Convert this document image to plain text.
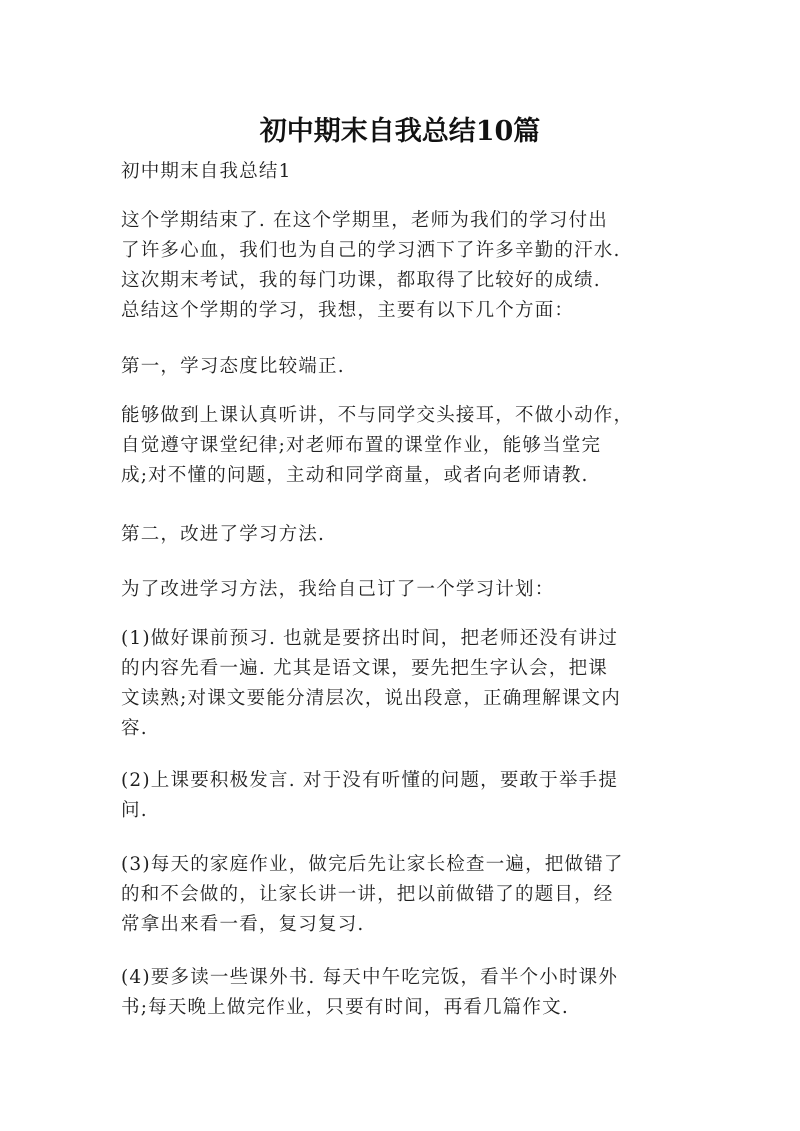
初中期末自我总结10篇

初中期末自我总结1

这个学期结束了. 在这个学期里，老师为我们的学习付出
了许多心血，我们也为自己的学习洒下了许多辛勤的汗水.
这次期末考试，我的每门功课，都取得了比较好的成绩.
总结这个学期的学习，我想，主要有以下几个方面：

第一，学习态度比较端正.

能够做到上课认真听讲，不与同学交头接耳，不做小动作，
自觉遵守课堂纪律;对老师布置的课堂作业，能够当堂完
成;对不懂的问题，主动和同学商量，或者向老师请教.

第二，改进了学习方法.

为了改进学习方法，我给自己订了一个学习计划：

(1)做好课前预习. 也就是要挤出时间，把老师还没有讲过
的内容先看一遍. 尤其是语文课，要先把生字认会，把课
文读熟;对课文要能分清层次，说出段意，正确理解课文内
容.

(2)上课要积极发言. 对于没有听懂的问题，要敢于举手提
问.

(3)每天的家庭作业，做完后先让家长检查一遍，把做错了
的和不会做的，让家长讲一讲，把以前做错了的题目，经
常拿出来看一看，复习复习.

(4)要多读一些课外书. 每天中午吃完饭，看半个小时课外
书;每天晚上做完作业，只要有时间，再看几篇作文.
